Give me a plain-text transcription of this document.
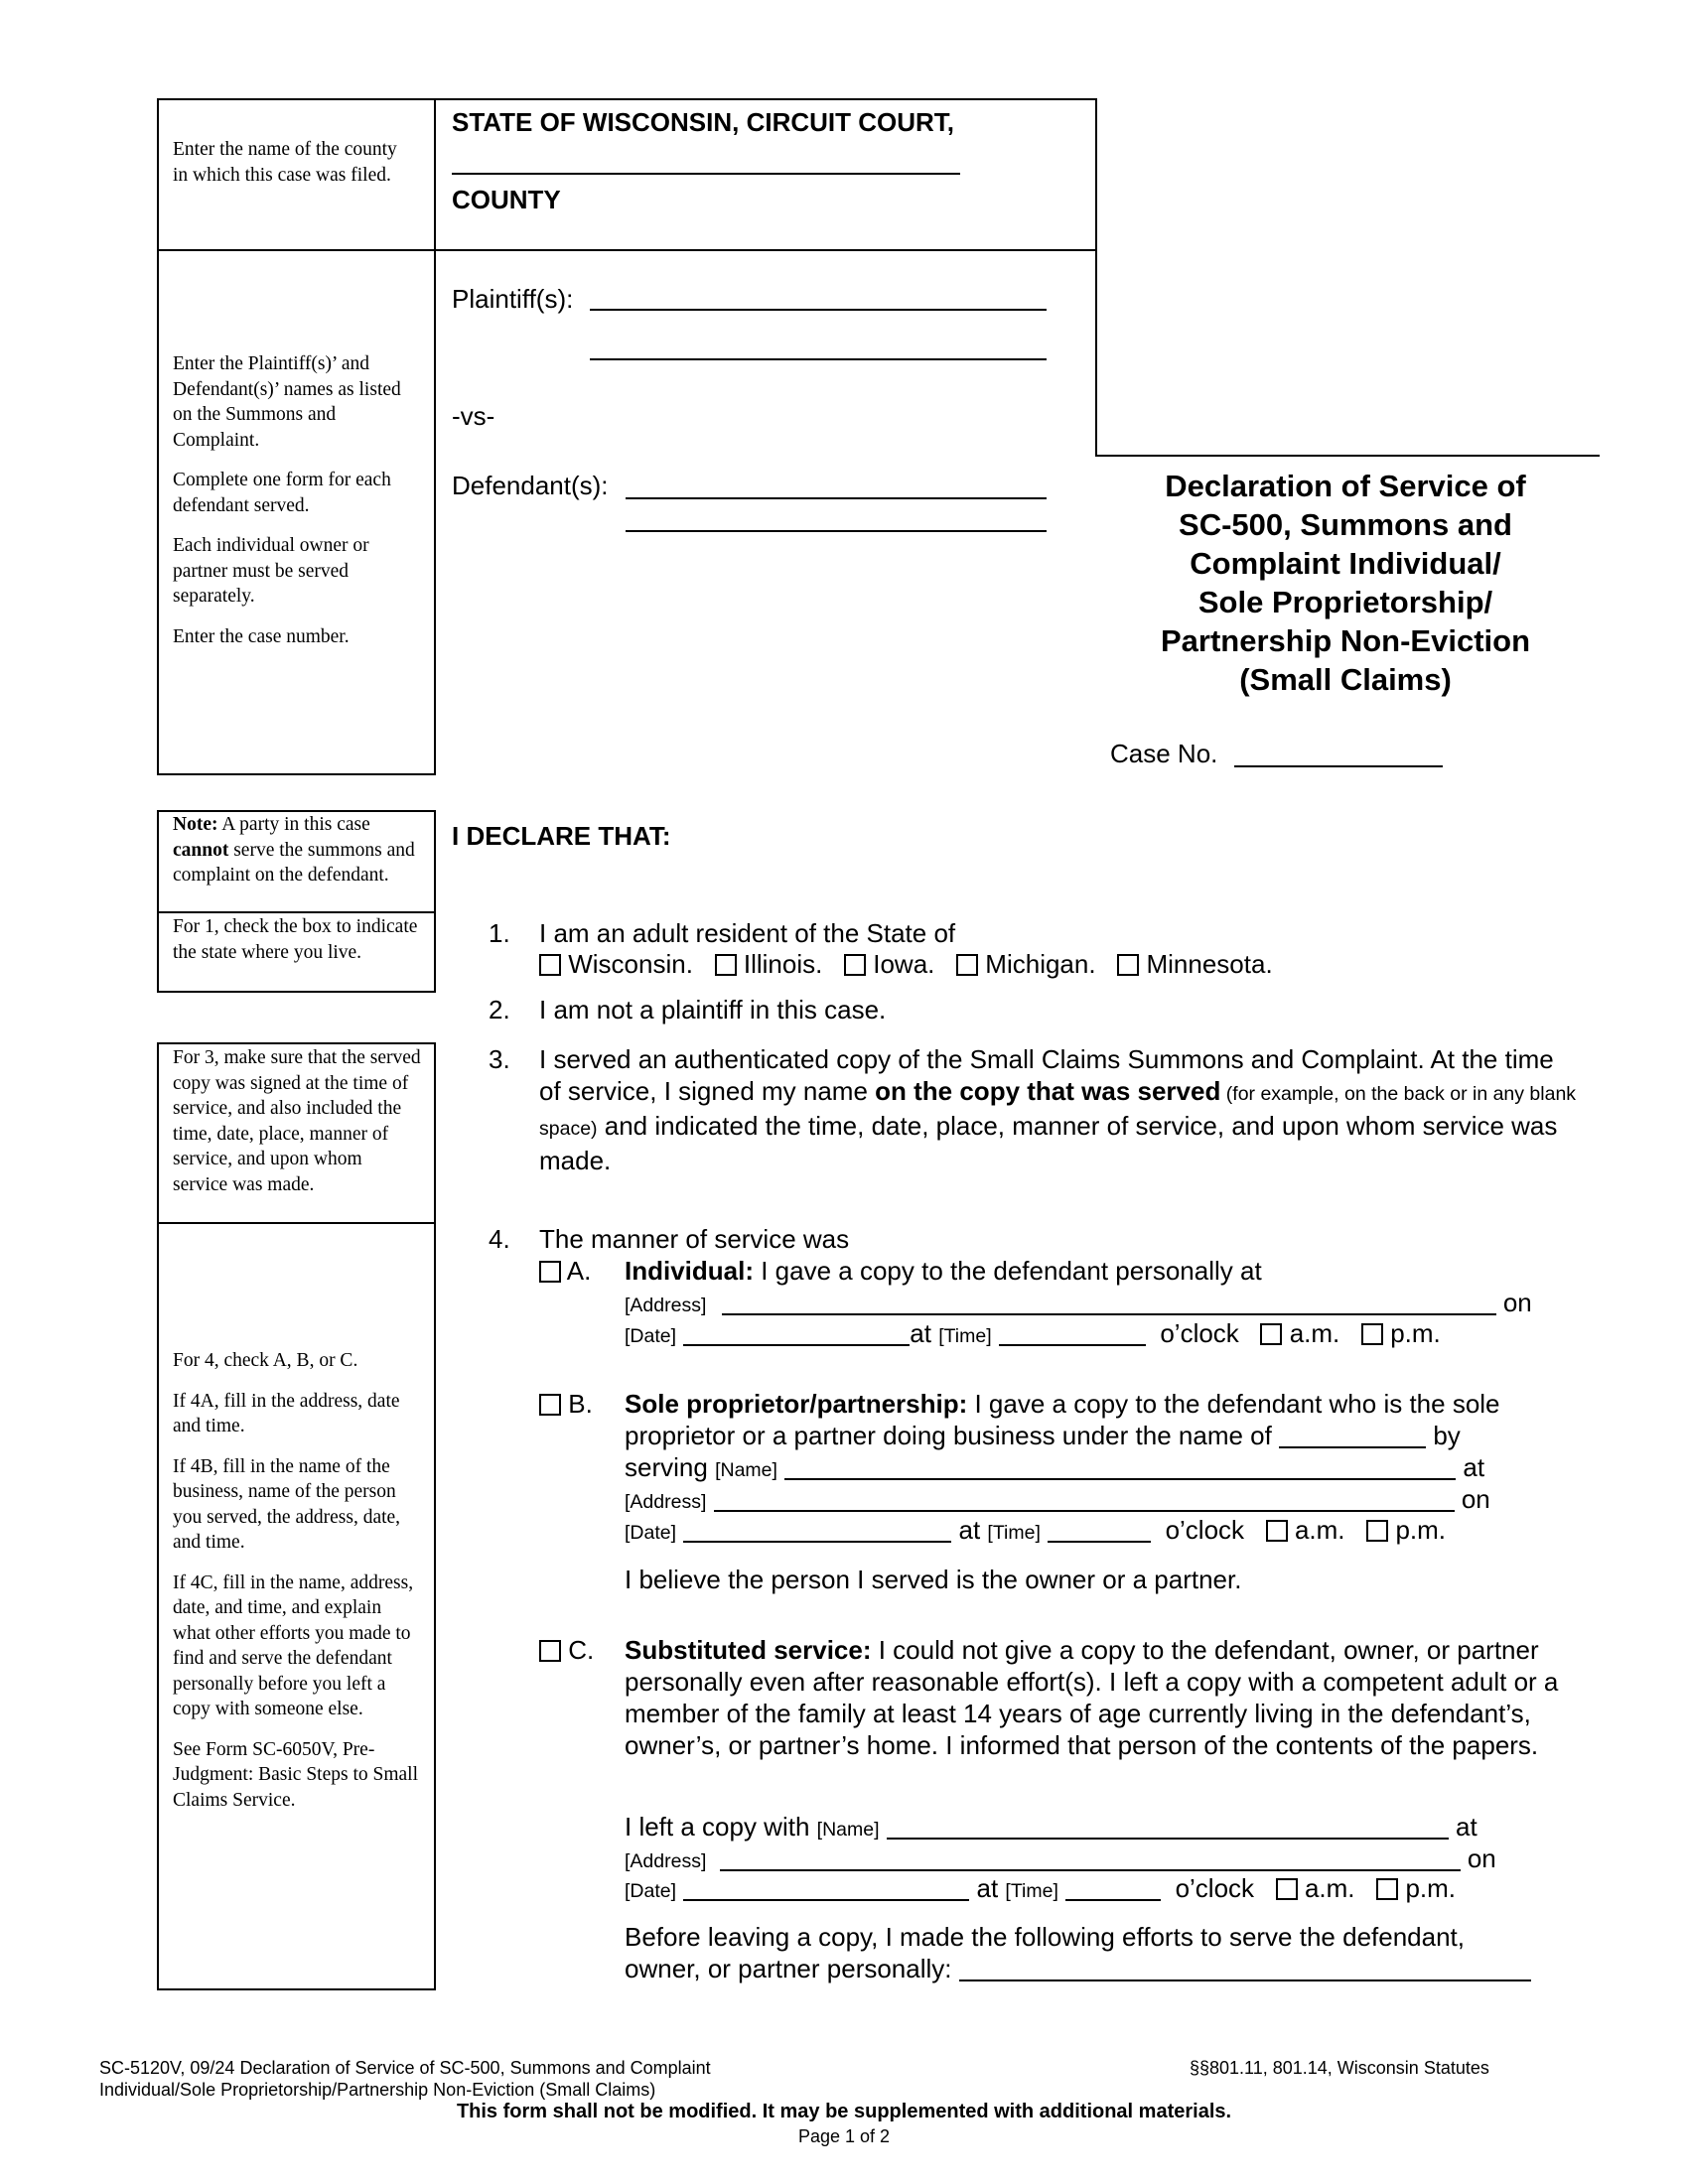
Enter the name of the county in which this case was filed.

Enter the Plaintiff(s)’ and Defendant(s)’ names as listed on the Summons and Complaint.

Complete one form for each defendant served.

Each individual owner or partner must be served separately.

Enter the case number.

Note: A party in this case cannot serve the summons and complaint on the defendant.
For 1, check the box to indicate the state where you live.
For 3, make sure that the served copy was signed at the time of service, and also included the time, date, place, manner of service, and upon whom service was made.

For 4, check A, B, or C.

If 4A, fill in the address, date and time.

If 4B, fill in the name of the business, name of the person you served, the address, date, and time.

If 4C, fill in the name, address, date, and time, and explain what other efforts you made to find and serve the defendant personally before you left a copy with someone else.

See Form SC-6050V, Pre-Judgment: Basic Steps to Small Claims Service.

STATE OF WISCONSIN, CIRCUIT COURT,
COUNTY
Plaintiff(s):
-vs-
Defendant(s):	Declaration of Service of
SC-500, Summons and
Complaint Individual/
Sole Proprietorship/
Partnership Non-Eviction
(Small Claims)
Case No.
I DECLARE THAT:
1. I am an adult resident of the State of
Wisconsin. Illinois. Iowa. Michigan. Minnesota.
2. I am not a plaintiff in this case.
3. I served an authenticated copy of the Small Claims Summons and Complaint. At the time of service, I signed my name on the copy that was served (for example, on the back or in any blank space) and indicated the time, date, place, manner of service, and upon whom service was made.
4. The manner of service was
A. Individual: I gave a copy to the defendant personally at
[Address]	on
[Date]	at [Time]	o’clock a.m. p.m.
B. Sole proprietor/partnership: I gave a copy to the defendant who is the sole
proprietor or a partner doing business under the name of	by
serving [Name]	at
[Address]	on
[Date]	at [Time]	o’clock a.m. p.m.
I believe the person I served is the owner or a partner.
C. Substituted service: I could not give a copy to the defendant, owner, or partner personally even after reasonable effort(s). I left a copy with a competent adult or a member of the family at least 14 years of age currently living in the defendant’s, owner’s, or partner’s home. I informed that person of the contents of the papers.
I left a copy with [Name]	at
[Address]	on
[Date]	at [Time]	o’clock a.m. p.m.
Before leaving a copy, I made the following efforts to serve the defendant,
owner, or partner personally:
SC-5120V, 09/24 Declaration of Service of SC-500, Summons and Complaint
Individual/Sole Proprietorship/Partnership Non-Eviction (Small Claims)
§§801.11, 801.14, Wisconsin Statutes
This form shall not be modified. It may be supplemented with additional materials.
Page 1 of 2
